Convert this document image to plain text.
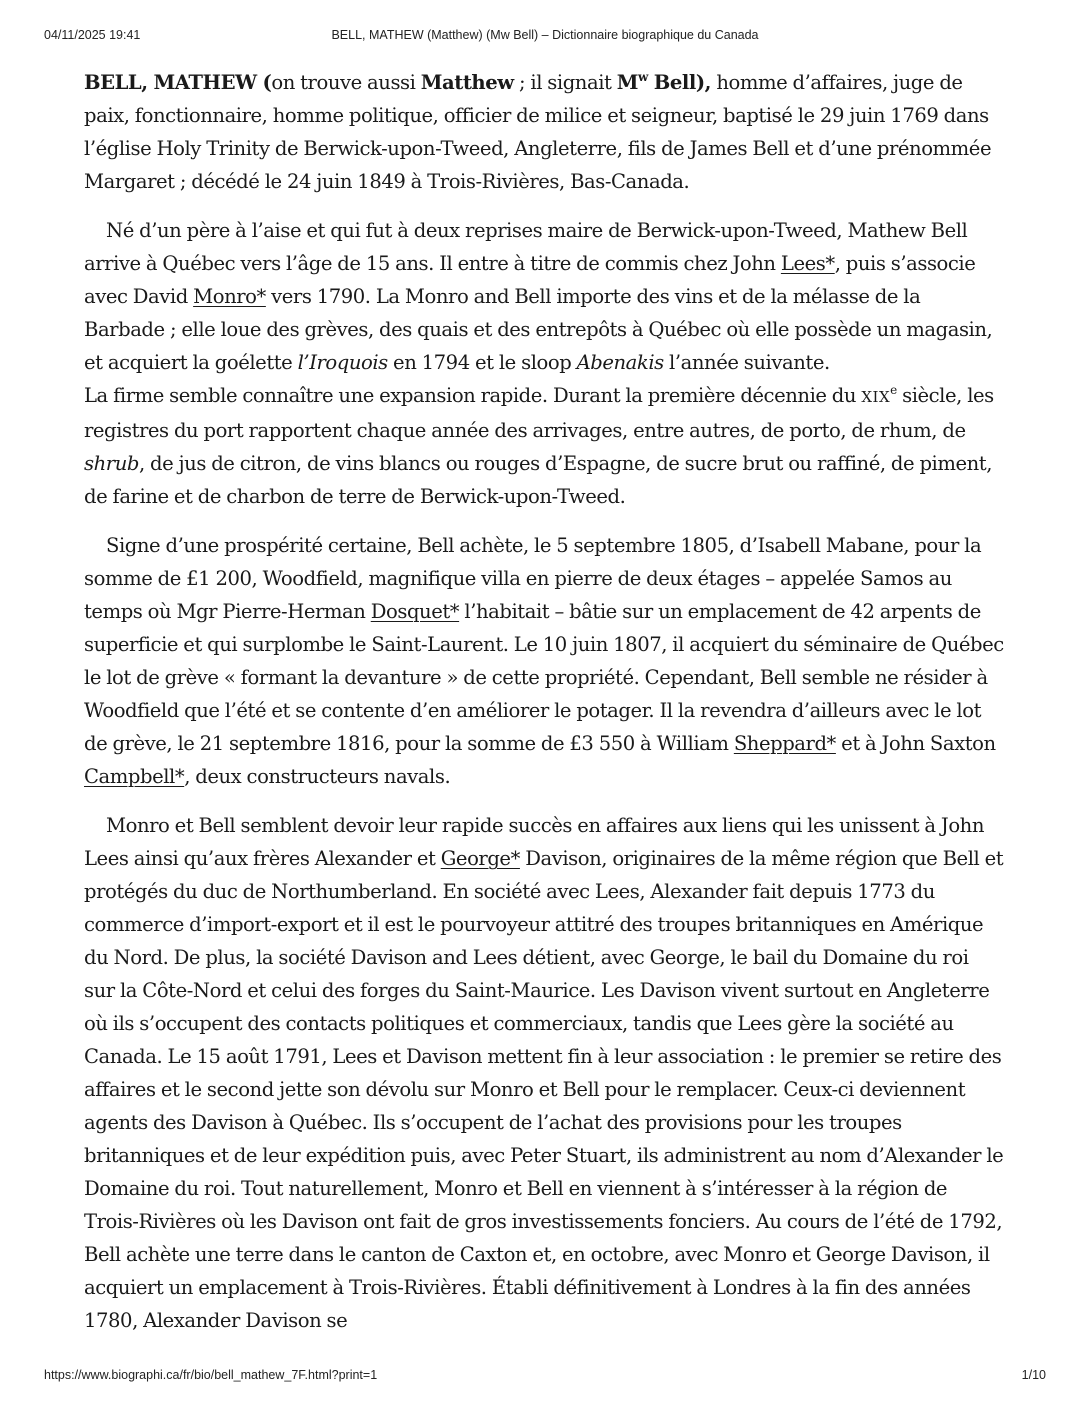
04/11/2025 19:41	BELL, MATHEW (Matthew) (Mw Bell) – Dictionnaire biographique du Canada

BELL, MATHEW (on trouve aussi Matthew ; il signait $M^w$ Bell), homme d’affaires, juge de paix, fonctionnaire, homme politique, officier de milice et seigneur, baptisé le 29 juin 1769 dans l’église Holy Trinity de Berwick-upon-Tweed, Angleterre, fils de James Bell et d’une prénommée Margaret ; décédé le 24 juin 1849 à Trois-Rivières, Bas-Canada.

Né d’un père à l’aise et qui fut à deux reprises maire de Berwick-upon-Tweed, Mathew Bell arrive à Québec vers l’âge de 15 ans. Il entre à titre de commis chez John Lees*, puis s’associe avec David Monro* vers 1790. La Monro and Bell importe des vins et de la mélasse de la Barbade ; elle loue des grèves, des quais et des entrepôts à Québec où elle possède un magasin, et acquiert la goélette l’Iroquois en 1794 et le sloop Abenakis l’année suivante.
La firme semble connaître une expansion rapide. Durant la première décennie du XIXe siècle, les registres du port rapportent chaque année des arrivages, entre autres, de porto, de rhum, de shrub, de jus de citron, de vins blancs ou rouges d’Espagne, de sucre brut ou raffiné, de piment, de farine et de charbon de terre de Berwick-upon-Tweed.

Signe d’une prospérité certaine, Bell achète, le 5 septembre 1805, d’Isabell Mabane, pour la somme de £1 200, Woodfield, magnifique villa en pierre de deux étages – appelée Samos au temps où Mgr Pierre-Herman Dosquet* l’habitait – bâtie sur un emplacement de 42 arpents de superficie et qui surplombe le Saint-Laurent. Le 10 juin 1807, il acquiert du séminaire de Québec le lot de grève « formant la devanture » de cette propriété. Cependant, Bell semble ne résider à Woodfield que l’été et se contente d’en améliorer le potager. Il la revendra d’ailleurs avec le lot de grève, le 21 septembre 1816, pour la somme de £3 550 à William Sheppard* et à John Saxton Campbell*, deux constructeurs navals.

Monro et Bell semblent devoir leur rapide succès en affaires aux liens qui les unissent à John Lees ainsi qu’aux frères Alexander et George* Davison, originaires de la même région que Bell et protégés du duc de Northumberland. En société avec Lees, Alexander fait depuis 1773 du commerce d’import-export et il est le pourvoyeur attitré des troupes britanniques en Amérique du Nord. De plus, la société Davison and Lees détient, avec George, le bail du Domaine du roi sur la Côte-Nord et celui des forges du Saint-Maurice. Les Davison vivent surtout en Angleterre où ils s’occupent des contacts politiques et commerciaux, tandis que Lees gère la société au Canada. Le 15 août 1791, Lees et Davison mettent fin à leur association : le premier se retire des affaires et le second jette son dévolu sur Monro et Bell pour le remplacer. Ceux-ci deviennent agents des Davison à Québec. Ils s’occupent de l’achat des provisions pour les troupes britanniques et de leur expédition puis, avec Peter Stuart, ils administrent au nom d’Alexander le Domaine du roi. Tout naturellement, Monro et Bell en viennent à s’intéresser à la région de Trois-Rivières où les Davison ont fait de gros investissements fonciers. Au cours de l’été de 1792, Bell achète une terre dans le canton de Caxton et, en octobre, avec Monro et George Davison, il acquiert un emplacement à Trois-Rivières. Établi définitivement à Londres à la fin des années 1780, Alexander Davison se

https://www.biographi.ca/fr/bio/bell_mathew_7F.html?print=1	1/10
